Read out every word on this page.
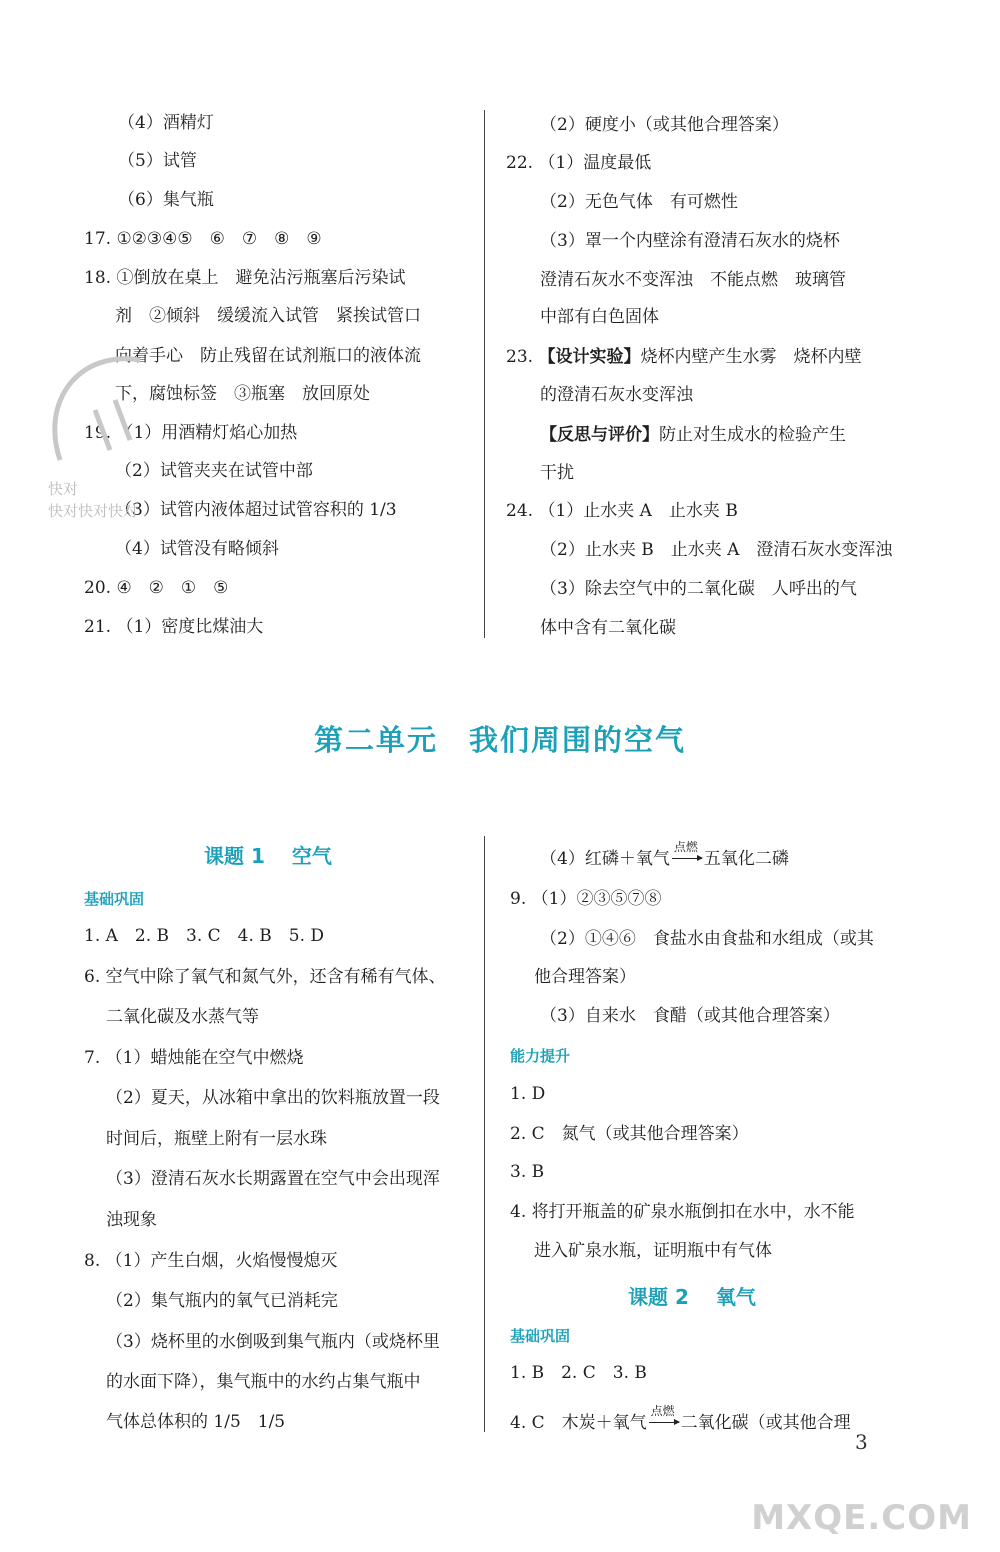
（4）酒精灯
（5）试管
（6）集气瓶
17. ①②③④⑤　⑥　⑦　⑧　⑨
18. ①倒放在桌上　避免沾污瓶塞后污染试
剂　②倾斜　缓缓流入试管　紧挨试管口
向着手心　防止残留在试剂瓶口的液体流
下，腐蚀标签　③瓶塞　放回原处
19. （1）用酒精灯焰心加热
（2）试管夹夹在试管中部
（3）试管内液体超过试管容积的 1/3
（4）试管没有略倾斜
20. ④　②　①　⑤
21. （1）密度比煤油大
快对
快对快对快对
（2）硬度小（或其他合理答案）
22. （1）温度最低
（2）无色气体　有可燃性
（3）罩一个内壁涂有澄清石灰水的烧杯
澄清石灰水不变浑浊　不能点燃　玻璃管
中部有白色固体
23. 【设计实验】烧杯内壁产生水雾　烧杯内壁
的澄清石灰水变浑浊
【反思与评价】防止对生成水的检验产生
干扰
24. （1）止水夹 A　止水夹 B
（2）止水夹 B　止水夹 A　澄清石灰水变浑浊
（3）除去空气中的二氧化碳　人呼出的气
体中含有二氧化碳
第二单元　我们周围的空气
课题 1　 空气
基础巩固
1. A　2. B　3. C　4. B　5. D
6. 空气中除了氧气和氮气外，还含有稀有气体、
二氧化碳及水蒸气等
7. （1）蜡烛能在空气中燃烧
（2）夏天，从冰箱中拿出的饮料瓶放置一段
时间后，瓶壁上附有一层水珠
（3）澄清石灰水长期露置在空气中会出现浑
浊现象
8. （1）产生白烟，火焰慢慢熄灭
（2）集气瓶内的氧气已消耗完
（3）烧杯里的水倒吸到集气瓶内（或烧杯里
的水面下降），集气瓶中的水约占集气瓶中
气体总体积的 1/5　1/5
（4）红磷＋氧气
点燃
五氧化二磷
9. （1）②③⑤⑦⑧
（2）①④⑥　食盐水由食盐和水组成（或其
他合理答案）
（3）自来水　食醋（或其他合理答案）
能力提升
1. D
2. C　氮气（或其他合理答案）
3. B
4. 将打开瓶盖的矿泉水瓶倒扣在水中，水不能
进入矿泉水瓶，证明瓶中有气体
课题 2　 氧气
基础巩固
1. B　2. C　3. B
4. C　木炭＋氧气
点燃
二氧化碳（或其他合理
3
MXQE.COM
